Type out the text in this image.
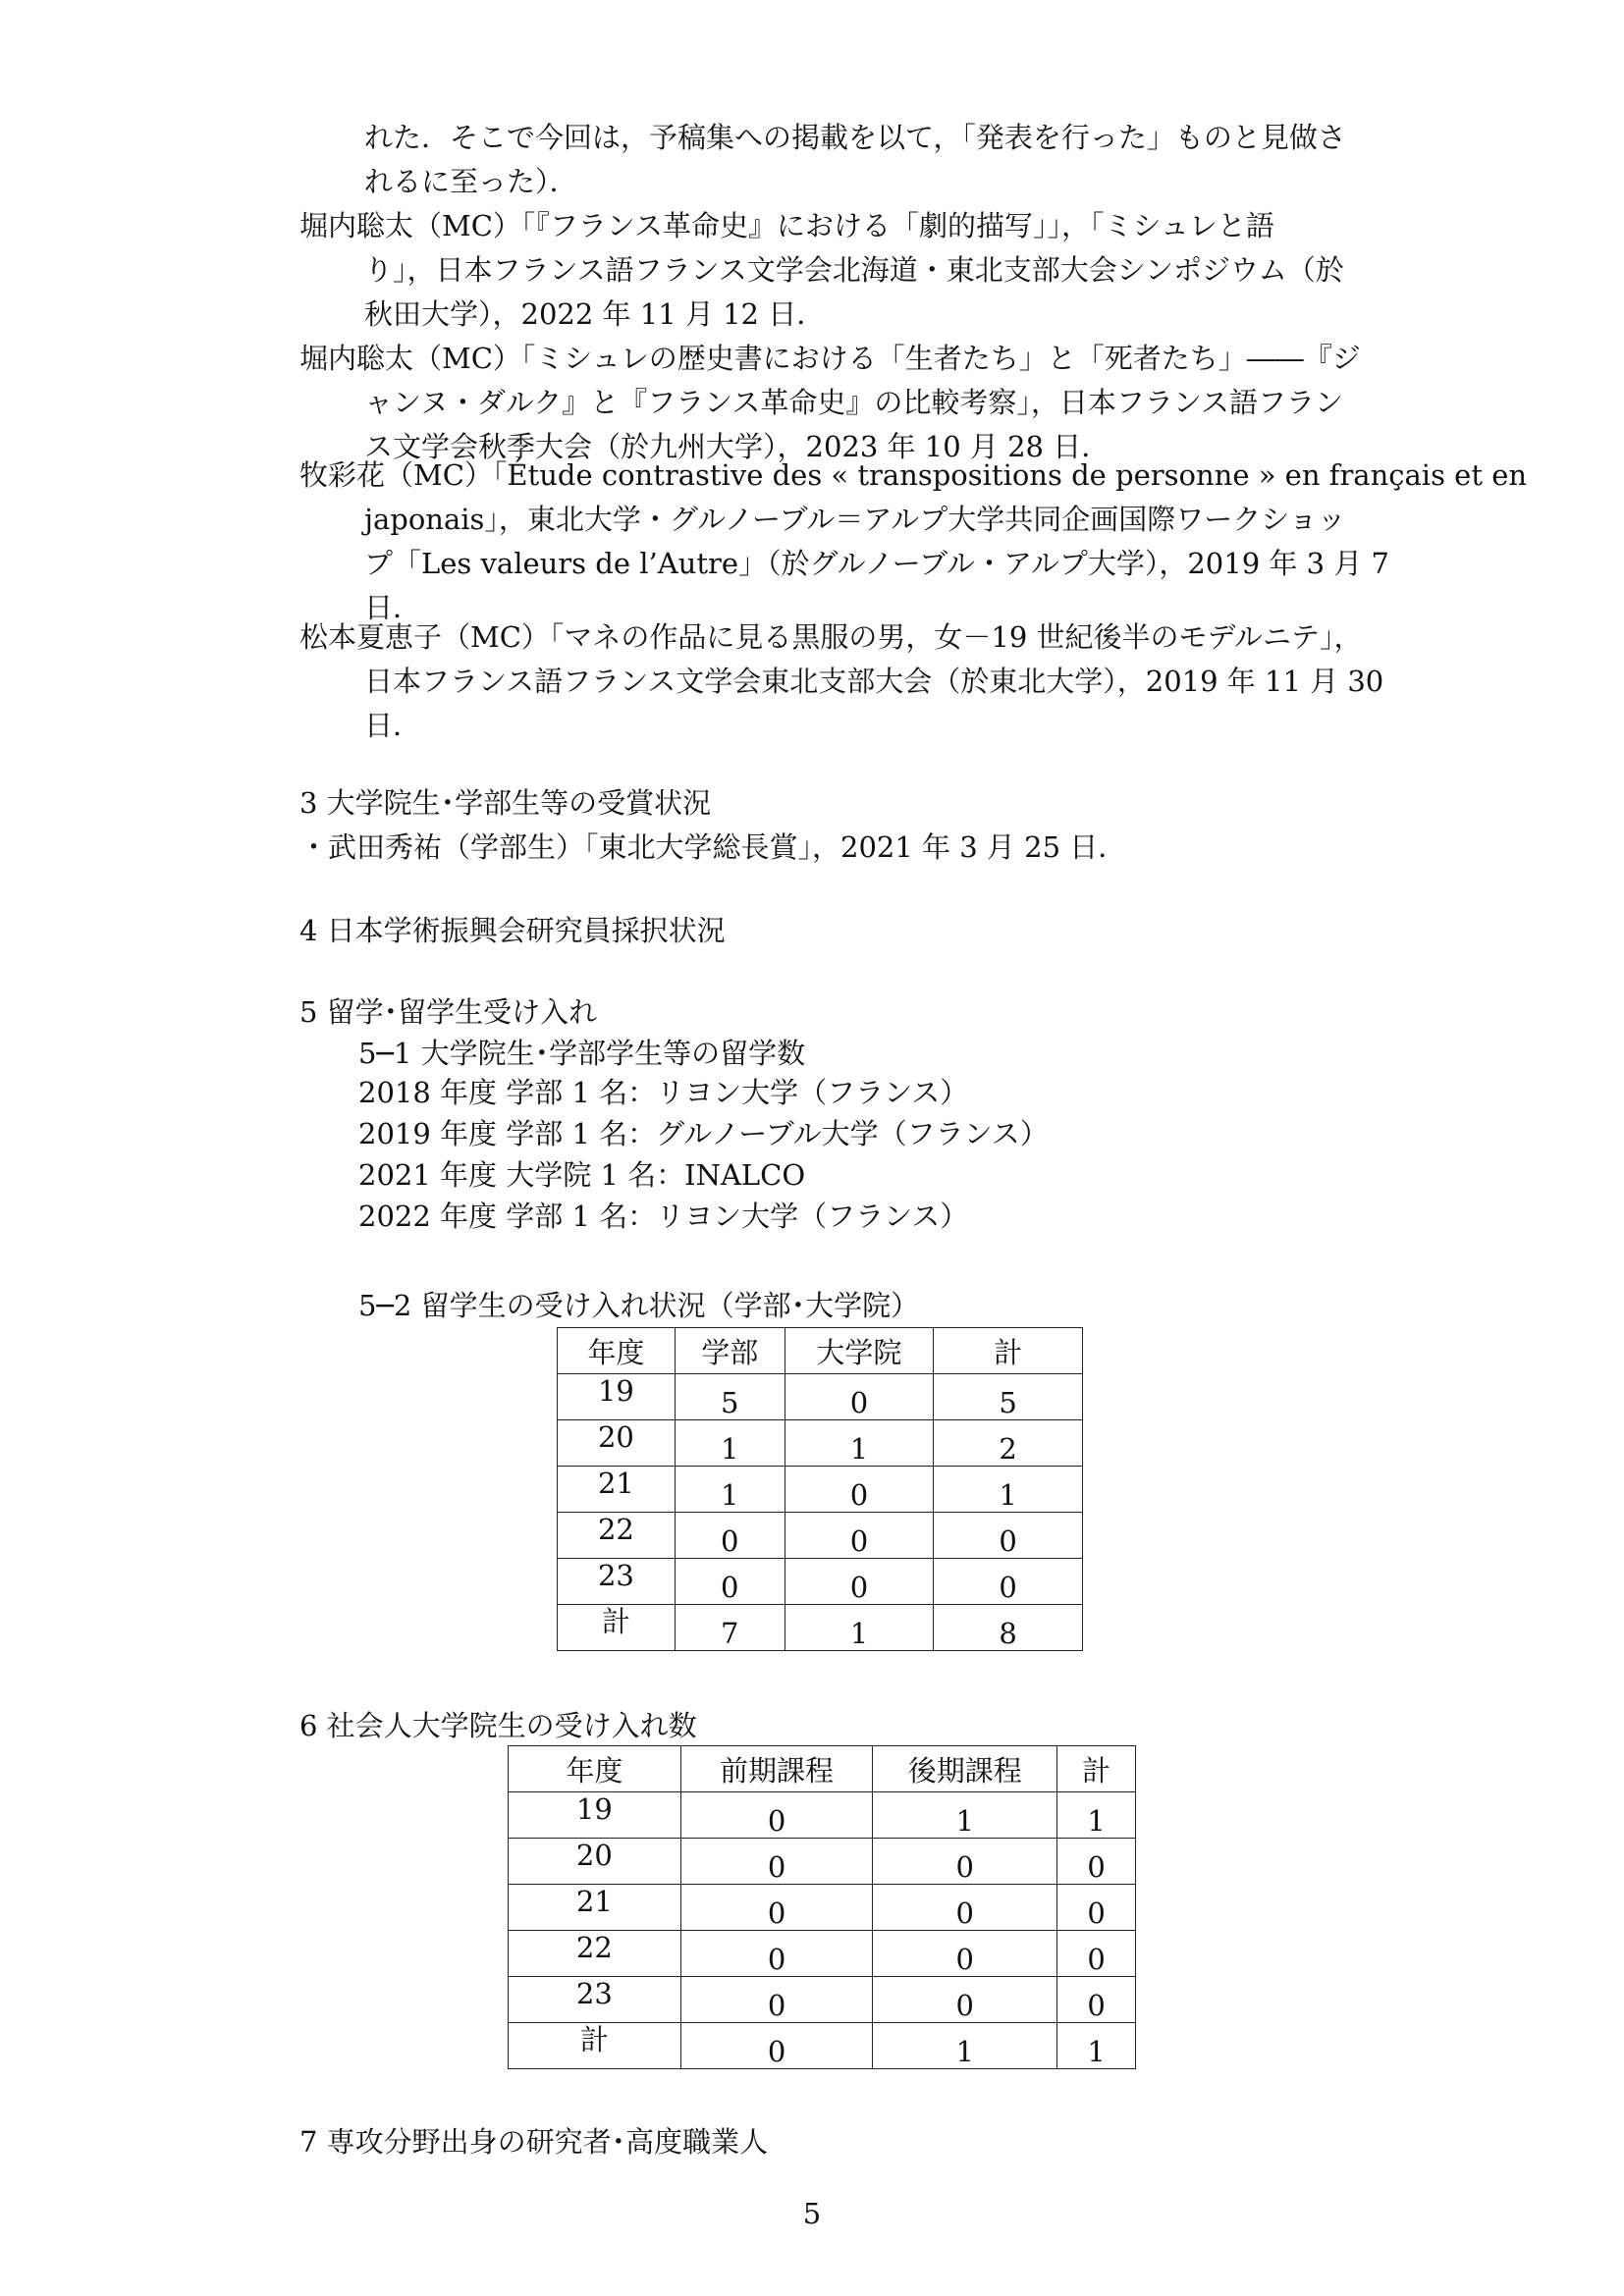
れた．そこで今回は，予稿集への掲載を以て，「発表を行った」ものと見做さ
れるに至った）．
堀内聡太（MC）「『フランス革命史』における「劇的描写」」，「ミシュレと語
り」，日本フランス語フランス文学会北海道・東北支部大会シンポジウム（於
秋田大学），2022 年 11 月 12 日．
堀内聡太（MC）「ミシュレの歴史書における「生者たち」と「死者たち」――『ジ
ャンヌ・ダルク』と『フランス革命史』の比較考察」，日本フランス語フラン
ス文学会秋季大会（於九州大学），2023 年 10 月 28 日．
牧彩花（MC）「Étude contrastive des « transpositions de personne » en français et en
japonais」，東北大学・グルノーブル＝アルプ大学共同企画国際ワークショッ
プ「Les valeurs de l’Autre」（於グルノーブル・アルプ大学），2019 年 3 月 7
日．
松本夏恵子（MC）「マネの作品に見る黒服の男，女－19 世紀後半のモデルニテ」，
日本フランス語フランス文学会東北支部大会（於東北大学），2019 年 11 月 30
日．
3 大学院生･学部生等の受賞状況
・武田秀祐（学部生）「東北大学総長賞」，2021 年 3 月 25 日．
4 日本学術振興会研究員採択状況
5 留学･留学生受け入れ
5─1 大学院生･学部学生等の留学数
2018 年度 学部 1 名：リヨン大学（フランス）
2019 年度 学部 1 名：グルノーブル大学（フランス）
2021 年度 大学院 1 名：INALCO
2022 年度 学部 1 名：リヨン大学（フランス）
5─2 留学生の受け入れ状況（学部･大学院）
年度	学部	大学院	計
19	5	0	5
20	1	1	2
21	1	0	1
22	0	0	0
23	0	0	0
計	7	1	8
6 社会人大学院生の受け入れ数
年度	前期課程	後期課程	計
19	0	1	1
20	0	0	0
21	0	0	0
22	0	0	0
23	0	0	0
計	0	1	1
7 専攻分野出身の研究者･高度職業人
5
